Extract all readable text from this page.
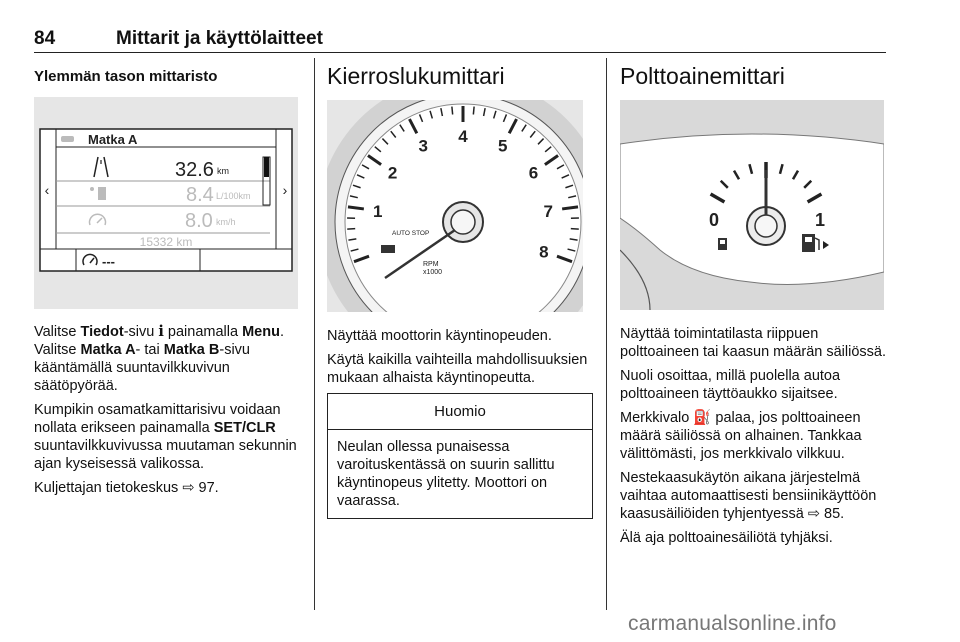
84	Mittarit ja käyttölaitteet
Ylemmän tason mittaristo
‹	›
Matka A
32.6 km
8.4 L/100km
8.0 km/h
15332 km
---

Valitse Tiedot-sivu i painamalla Menu. Valitse Matka A- tai Matka B-sivu kääntämällä suuntavilkkuvivun säätöpyörää.

Kumpikin osamatkamittarisivu voidaan nollata erikseen painamalla SET/CLR suuntavilkkuvivussa muutaman sekunnin ajan kyseisessä valikossa.

Kuljettajan tietokeskus ⇨ 97.

Kierroslukumittari
1
2
3
4
5
6
7
8
AUTO STOP
RPM
x1000

Näyttää moottorin käyntinopeuden.

Käytä kaikilla vaihteilla mahdollisuuksien mukaan alhaista käyntinopeutta.

Huomio
Neulan ollessa punaisessa varoituskentässä on suurin sallittu käyntinopeus ylitetty. Moottori on vaarassa.
Polttoainemittari
0	1

Näyttää toimintatilasta riippuen polttoaineen tai kaasun määrän säiliössä.

Nuoli osoittaa, millä puolella autoa polttoaineen täyttöaukko sijaitsee.

Merkkivalo ⛽ palaa, jos polttoaineen määrä säiliössä on alhainen. Tankkaa välittömästi, jos merkkivalo vilkkuu.

Nestekaasukäytön aikana järjestelmä vaihtaa automaattisesti bensiinikäyttöön kaasusäiliöiden tyhjentyessä ⇨ 85.

Älä aja polttoainesäiliötä tyhjäksi.

carmanualsonline.info
